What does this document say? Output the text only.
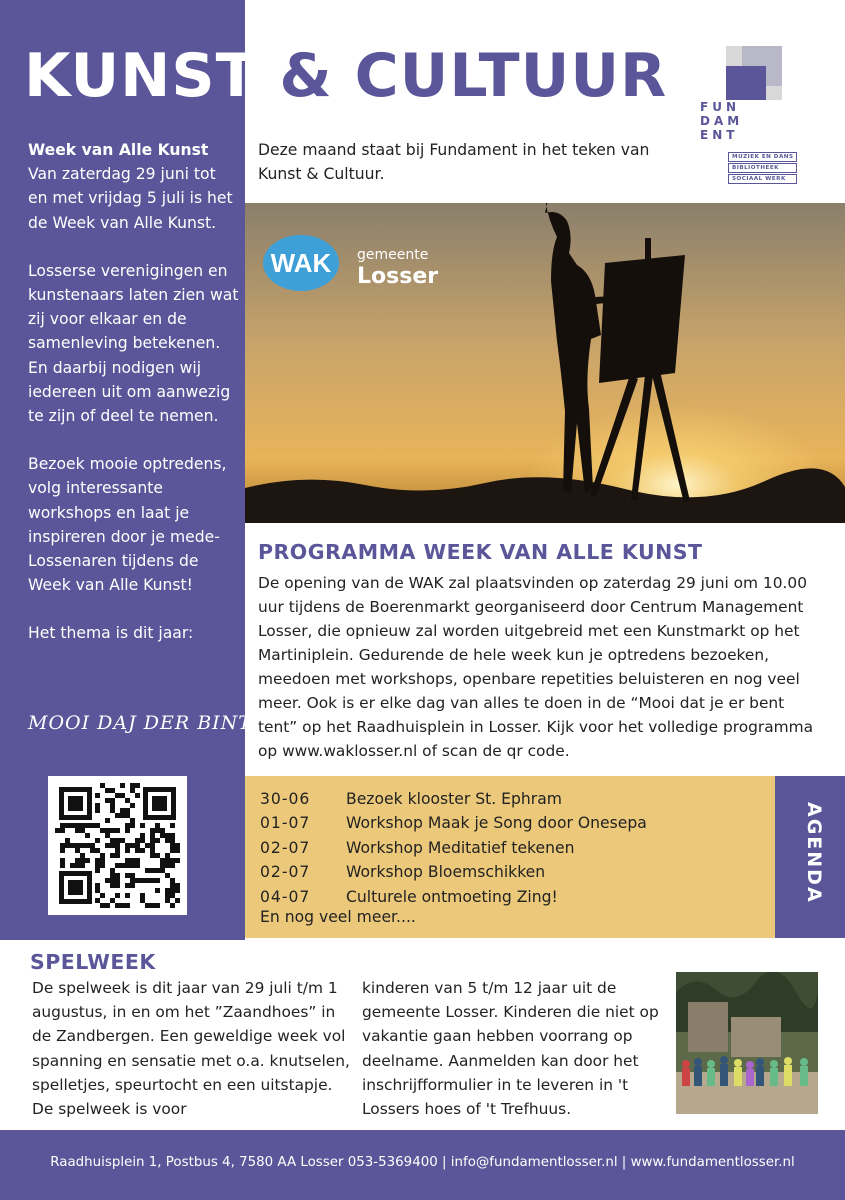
KUNST & CULTUUR
Week van Alle Kunst

Van zaterdag 29 juni tot en met vrijdag 5 juli is het de Week van Alle Kunst.

Losserse verenigingen en kunstenaars laten zien wat zij voor elkaar en de samenleving betekenen. En daarbij nodigen wij iedereen uit om aanwezig te zijn of deel te nemen.

Bezoek mooie optredens, volg interessante workshops en laat je inspireren door je mede-Lossenaren tijdens de Week van Alle Kunst!

Het thema is dit jaar:

MOOI DAJ DER BINT!
FUN
DAM
ENT
MUZIEK EN DANS
BIBLIOTHEEK
SOCIAAL WERK
Deze maand staat bij Fundament in het teken van Kunst & Cultuur.
WAK gemeente
Losser
PROGRAMMA WEEK VAN ALLE KUNST
De opening van de WAK zal plaatsvinden op zaterdag 29 juni om 10.00 uur tijdens de Boerenmarkt georganiseerd door Centrum Management Losser, die opnieuw zal worden uitgebreid met een Kunstmarkt op het Martiniplein. Gedurende de hele week kun je optredens bezoeken, meedoen met workshops, openbare repetities beluisteren en nog veel meer. Ook is er elke dag van alles te doen in de “Mooi dat je er bent tent” op het Raadhuisplein in Losser. Kijk voor het volledige programma op www.waklosser.nl of scan de qr code.
AGENDA
30-06 Bezoek klooster St. Ephram
01-07 Workshop Maak je Song door Onesepa
02-07 Workshop Meditatief tekenen
02-07 Workshop Bloemschikken
04-07 Culturele ontmoeting Zing!
En nog veel meer....
SPELWEEK
De spelweek is dit jaar van 29 juli t/m 1 augustus, in en om het ”Zaandhoes” in de Zandbergen. Een geweldige week vol spanning en sensatie met o.a. knutselen, spelletjes, speurtocht en een uitstapje. De spelweek is voor
kinderen van 5 t/m 12 jaar uit de gemeente Losser. Kinderen die niet op vakantie gaan hebben voorrang op deelname. Aanmelden kan door het inschrijfformulier in te leveren in 't Lossers hoes of 't Trefhuus.
Raadhuisplein 1, Postbus 4, 7580 AA Losser 053-5369400 | info@fundamentlosser.nl | www.fundamentlosser.nl
